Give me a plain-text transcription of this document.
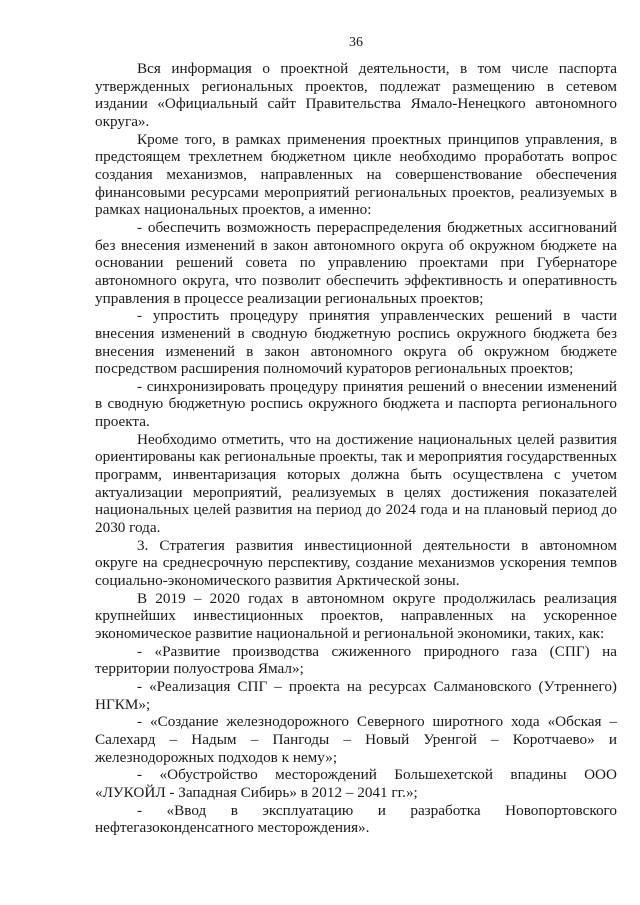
36

Вся информация о проектной деятельности, в том числе паспорта утвержденных региональных проектов, подлежат размещению в сетевом издании «Официальный сайт Правительства Ямало-Ненецкого автономного округа».

Кроме того, в рамках применения проектных принципов управления, в предстоящем трехлетнем бюджетном цикле необходимо проработать вопрос создания механизмов, направленных на совершенствование обеспечения финансовыми ресурсами мероприятий региональных проектов, реализуемых в рамках национальных проектов, а именно:

- обеспечить возможность перераспределения бюджетных ассигнований без внесения изменений в закон автономного округа об окружном бюджете на основании решений совета по управлению проектами при Губернаторе автономного округа, что позволит обеспечить эффективность и оперативность управления в процессе реализации региональных проектов;

- упростить процедуру принятия управленческих решений в части внесения изменений в сводную бюджетную роспись окружного бюджета без внесения изменений в закон автономного округа об окружном бюджете посредством расширения полномочий кураторов региональных проектов;

- синхронизировать процедуру принятия решений о внесении изменений в сводную бюджетную роспись окружного бюджета и паспорта регионального проекта.

Необходимо отметить, что на достижение национальных целей развития ориентированы как региональные проекты, так и мероприятия государственных программ, инвентаризация которых должна быть осуществлена с учетом актуализации мероприятий, реализуемых в целях достижения показателей национальных целей развития на период до 2024 года и на плановый период до 2030 года.

3. Стратегия развития инвестиционной деятельности в автономном округе на среднесрочную перспективу, создание механизмов ускорения темпов социально-экономического развития Арктической зоны.

В 2019 – 2020 годах в автономном округе продолжилась реализация крупнейших инвестиционных проектов, направленных на ускоренное экономическое развитие национальной и региональной экономики, таких, как:

- «Развитие производства сжиженного природного газа (СПГ) на территории полуострова Ямал»;

- «Реализация СПГ – проекта на ресурсах Салмановского (Утреннего) НГКМ»;

- «Создание железнодорожного Северного широтного хода «Обская – Салехард – Надым – Пангоды – Новый Уренгой – Коротчаево» и железнодорожных подходов к нему»;

- «Обустройство месторождений Большехетской впадины ООО «ЛУКОЙЛ - Западная Сибирь» в 2012 – 2041 гг.»;

- «Ввод в эксплуатацию и разработка Новопортовского нефтегазоконденсатного месторождения».
